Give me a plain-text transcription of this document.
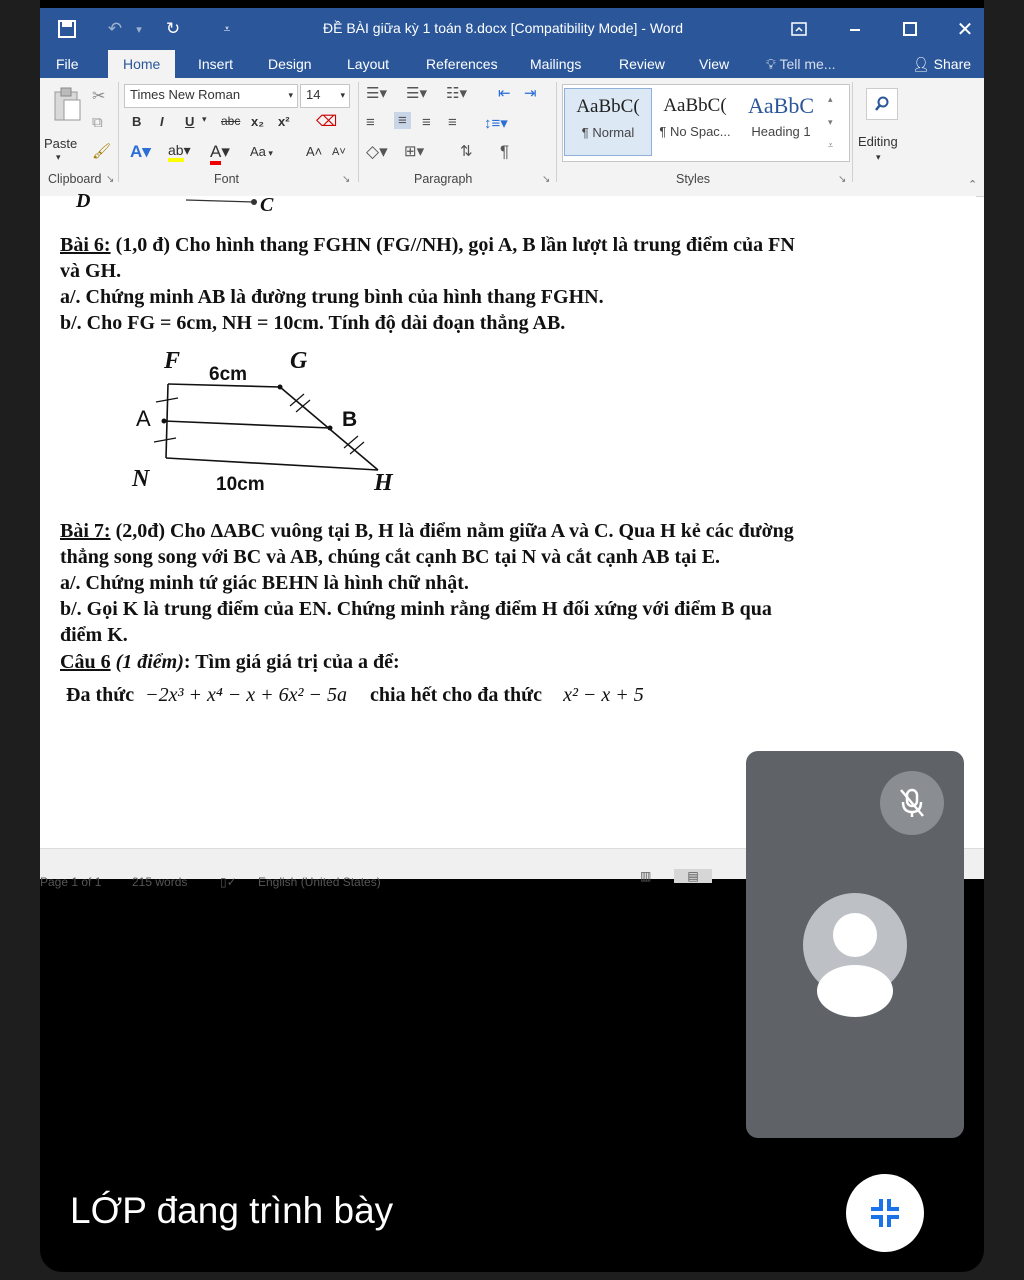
↶	▾	↻	⩡	ĐỀ BÀI giữa kỳ 1 toán 8.docx [Compatibility Mode] - Word	✕
File	Home	Insert	Design	Layout	References	Mailings	Review	View	💡︎ Tell me...	👤︎ Share
Paste
▾
✂
⧉
🖌︎
Times New Roman	▾	14 ▾
B I U ▾ abc x₂ x² ⌫
A▾ ab▾ A▾ Aa ▾	A˄ A˅
Clipboard ↘	Font	↘
☰▾ ☰▾ ☷▾ ⇤ ⇥
≡ ≡ ≡ ≡ ↕≡▾
◇▾ ⊞▾ ⇅ ¶
Paragraph	↘
AaBbC(
¶ Normal
AaBbC(
¶ No Spac...
AaBbC
Heading 1
▴
▾
⩡
Styles	↘
Editing
▾
⌃
D	C
Bài 6: (1,0 đ) Cho hình thang FGHN (FG//NH), gọi A, B lần lượt là trung điểm của FN
và GH.
a/. Chứng minh AB là đường trung bình của hình thang FGHN.
b/. Cho FG = 6cm, NH = 10cm. Tính độ dài đoạn thẳng AB.
F
6cm
G
A	B
N	10cm	H
Bài 7: (2,0đ) Cho ΔABC vuông tại B, H là điểm nằm giữa A và C. Qua H kẻ các đường
thẳng song song với BC và AB, chúng cắt cạnh BC tại N và cắt cạnh AB tại E.
a/. Chứng minh tứ giác BEHN là hình chữ nhật.
b/. Gọi K là trung điểm của EN. Chứng minh rằng điểm H đối xứng với điểm B qua
điểm K.
Câu 6 (1 điểm): Tìm giá giá trị của a để:
Đa thức −2x³ + x⁴ − x + 6x² − 5a chia hết cho đa thức x² − x + 5
Page 1 of 1	215 words	▯✓ English (United States)	▥	▤
LỚP đang trình bày
